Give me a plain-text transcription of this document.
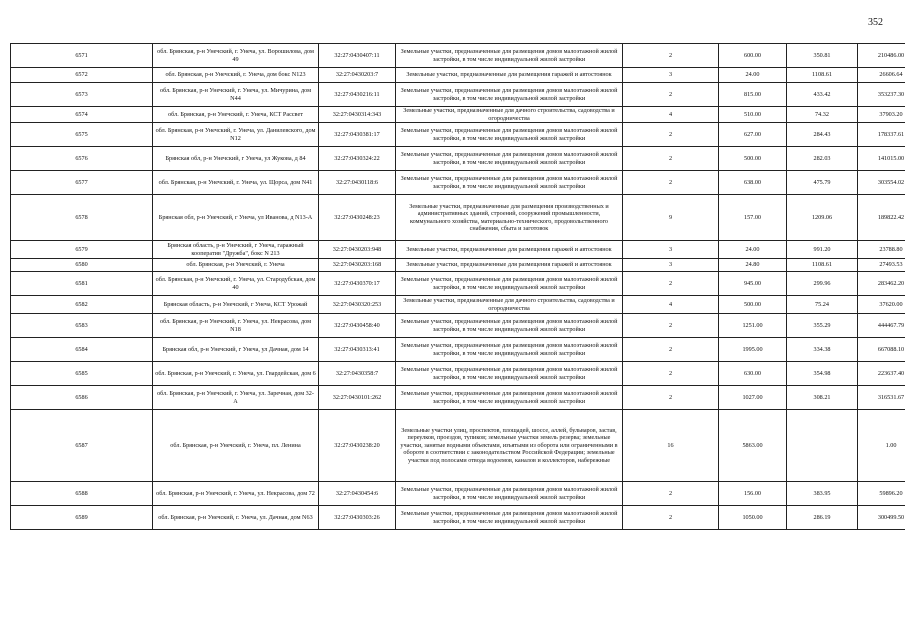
352
6571	обл. Брянская, р-н Унечский, г. Унеча, ул. Ворошилова, дом 49	32:27:0430407:11	Земельные участки, предназначенные для размещения домов малоэтажной жилой застройки, в том числе индивидуальной жилой застройки	2	600.00	350.81	210486.00
6572	обл. Брянская, р-н Унечский, г. Унеча, дом бокс N123	32:27:0430203:7	Земельные участки, предназначенные для размещения гаражей и автостоянок	3	24.00	1108.61	26606.64
6573	обл. Брянская, р-н Унечский, г. Унеча, ул. Мичурина, дом N44	32:27:0430216:11	Земельные участки, предназначенные для размещения домов малоэтажной жилой застройки, в том числе индивидуальной жилой застройки	2	815.00	433.42	353237.30
6574	обл. Брянская, р-н Унечский, г. Унеча, КСТ Рассвет	32:27:0430314:343	Земельные участки, предназначенные для дачного строительства, садоводства и огородничества	4	510.00	74.32	37903.20
6575	обл. Брянская, р-н Унечский, г. Унеча, ул. Данилевского, дом N12	32:27:0430381:17	Земельные участки, предназначенные для размещения домов малоэтажной жилой застройки, в том числе индивидуальной жилой застройки	2	627.00	284.43	178337.61
6576	Брянская обл, р-н Унечский, г Унеча, ул Жукова, д 84	32:27:0430324:22	Земельные участки, предназначенные для размещения домов малоэтажной жилой застройки, в том числе индивидуальной жилой застройки	2	500.00	282.03	141015.00
6577	обл. Брянская, р-н Унечский, г. Унеча, ул. Щорса, дом N41	32:27:0430118:6	Земельные участки, предназначенные для размещения домов малоэтажной жилой застройки, в том числе индивидуальной жилой застройки	2	638.00	475.79	303554.02
6578	Брянская обл, р-н Унечский, г Унеча, ул Иванова, д N13-А	32:27:0430248:23	Земельные участки, предназначенные для размещения производственных и административных зданий, строений, сооружений промышленности, коммунального хозяйства, материально-технического, продовольственного снабжения, сбыта и заготовок	9	157.00	1209.06	189822.42
6579	Брянская область, р-н Унечский, г Унеча, гаражный кооператив "Дружба", бокс N 213	32:27:0430203:948	Земельные участки, предназначенные для размещения гаражей и автостоянок	3	24.00	991.20	23788.80
6580	обл. Брянская, р-н Унечский, г. Унеча	32:27:0430203:168	Земельные участки, предназначенные для размещения гаражей и автостоянок	3	24.80	1108.61	27493.53
6581	обл. Брянская, р-н Унечский, г. Унеча, ул. Стародубская, дом 40	32:27:0430370:17	Земельные участки, предназначенные для размещения домов малоэтажной жилой застройки, в том числе индивидуальной жилой застройки	2	945.00	299.96	283462.20
6582	Брянская область, р-н Унечский, г Унеча, КСТ Урожай	32:27:0430320:253	Земельные участки, предназначенные для дачного строительства, садоводства и огородничества	4	500.00	75.24	37620.00
6583	обл. Брянская, р-н Унечский, г. Унеча, ул. Некрасова, дом N18	32:27:0430458:40	Земельные участки, предназначенные для размещения домов малоэтажной жилой застройки, в том числе индивидуальной жилой застройки	2	1251.00	355.29	444467.79
6584	Брянская обл, р-н Унечский, г Унеча, ул Дачная, дом 14	32:27:0430313:41	Земельные участки, предназначенные для размещения домов малоэтажной жилой застройки, в том числе индивидуальной жилой застройки	2	1995.00	334.38	667088.10
6585	обл. Брянская, р-н Унечский, г. Унеча, ул. Гвардейская, дом 6	32:27:0430358:7	Земельные участки, предназначенные для размещения домов малоэтажной жилой застройки, в том числе индивидуальной жилой застройки	2	630.00	354.98	223637.40
6586	обл. Брянская, р-н Унечский, г. Унеча, ул. Заречная, дом 32-А	32:27:0430101:262	Земельные участки, предназначенные для размещения домов малоэтажной жилой застройки, в том числе индивидуальной жилой застройки	2	1027.00	308.21	316531.67
6587	обл. Брянская, р-н Унечский, г. Унеча, пл. Ленина	32:27:0430238:20	Земельные участки улиц, проспектов, площадей, шоссе, аллей, бульваров, застав, переулков, проездов, тупиков; земельные участки земель резерва; земельные участки, занятые водными объектами, изъятыми из оборота или ограниченными в обороте в соответствии с законодательством Российской Федерации; земельные участки под полосами отвода водоемов, каналов и коллекторов, набережные	16	5863.00		1.00
6588	обл. Брянская, р-н Унечский, г. Унеча, ул. Некрасова, дом 72	32:27:0430454:6	Земельные участки, предназначенные для размещения домов малоэтажной жилой застройки, в том числе индивидуальной жилой застройки	2	156.00	383.95	59896.20
6589	обл. Брянская, р-н Унечский, г. Унеча, ул. Дачная, дом N63	32:27:0430303:26	Земельные участки, предназначенные для размещения домов малоэтажной жилой застройки, в том числе индивидуальной жилой застройки	2	1050.00	286.19	300499.50
